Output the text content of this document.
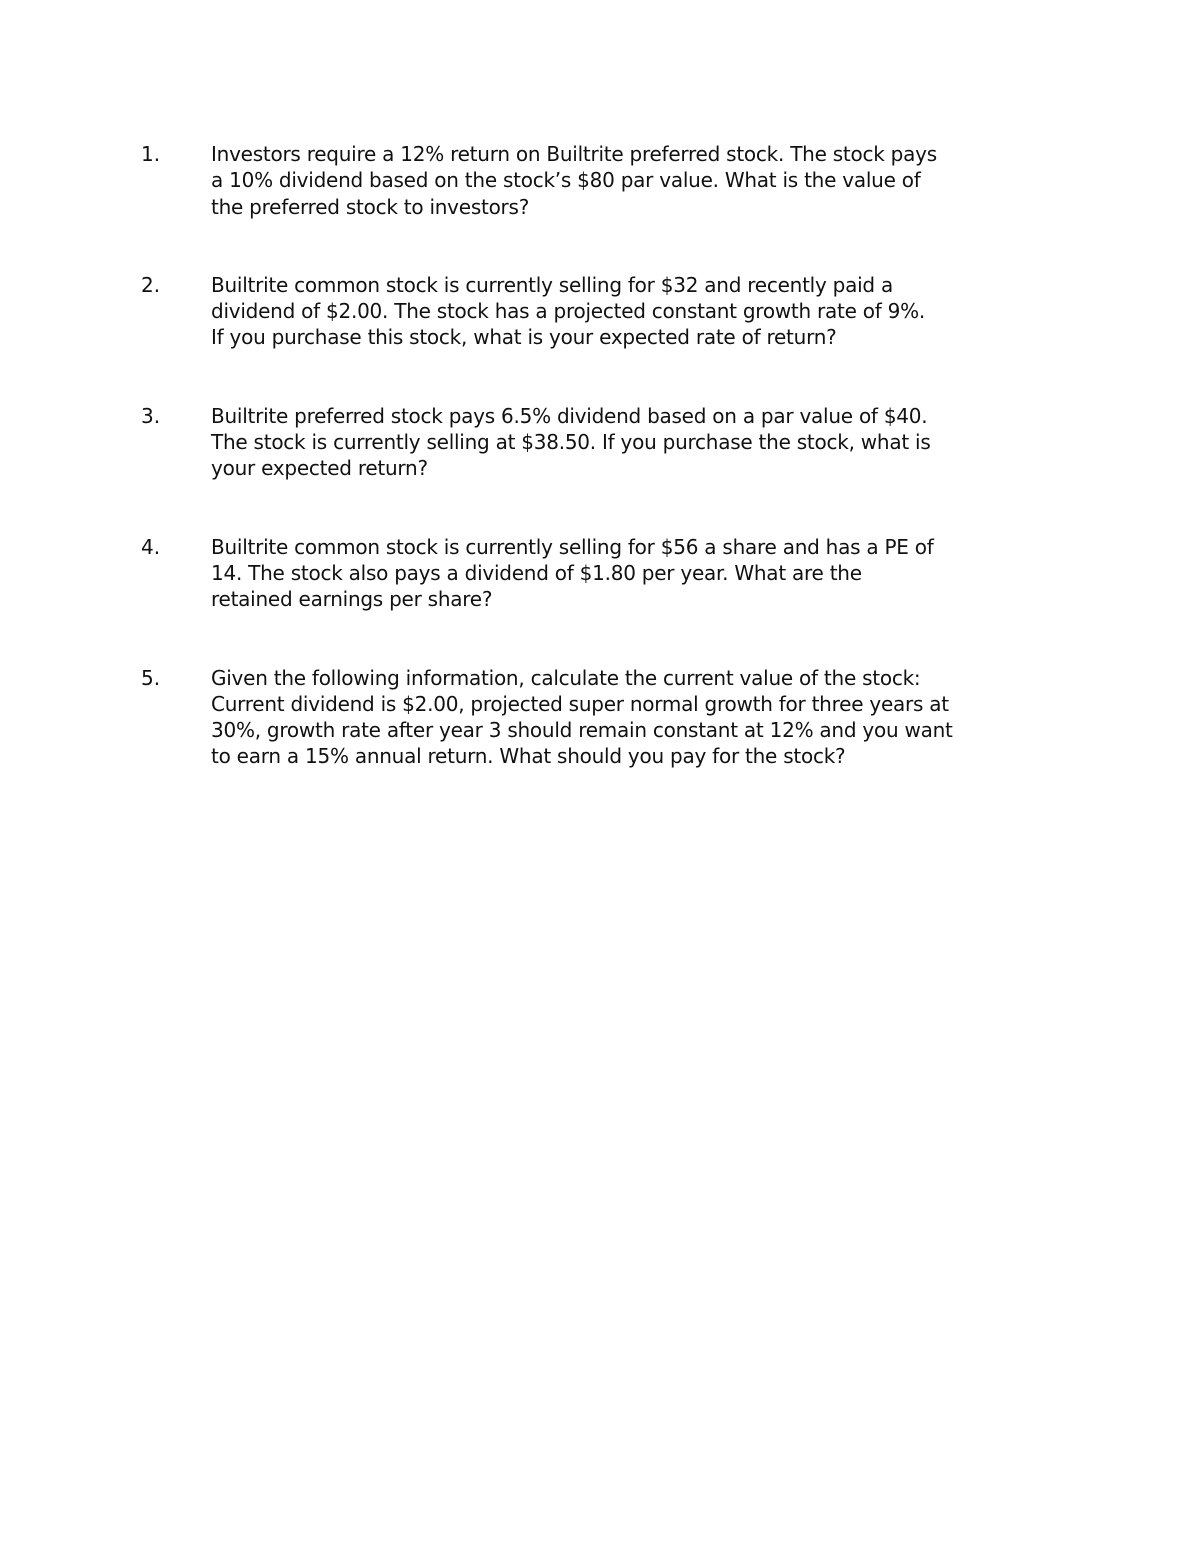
1.	Investors require a 12% return on Builtrite preferred stock. The stock pays
a 10% dividend based on the stock’s $80 par value. What is the value of
the preferred stock to investors?
2.	Builtrite common stock is currently selling for $32 and recently paid a
dividend of $2.00. The stock has a projected constant growth rate of 9%.
If you purchase this stock, what is your expected rate of return?
3.	Builtrite preferred stock pays 6.5% dividend based on a par value of $40.
The stock is currently selling at $38.50. If you purchase the stock, what is
your expected return?
4.	Builtrite common stock is currently selling for $56 a share and has a PE of
14. The stock also pays a dividend of $1.80 per year. What are the
retained earnings per share?
5.	Given the following information, calculate the current value of the stock:
Current dividend is $2.00, projected super normal growth for three years at
30%, growth rate after year 3 should remain constant at 12% and you want
to earn a 15% annual return. What should you pay for the stock?
